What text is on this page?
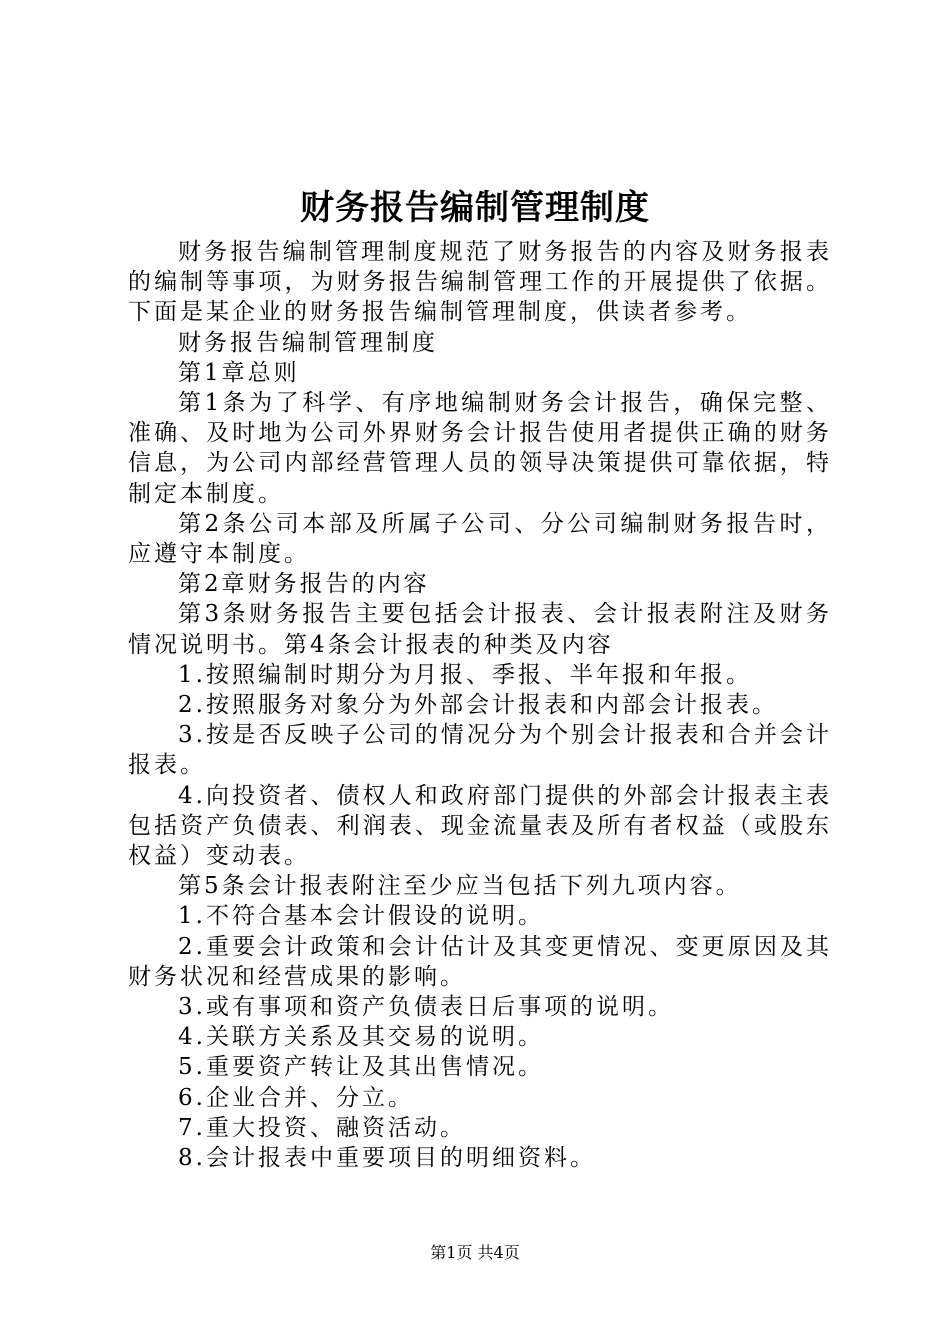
财务报告编制管理制度

财务报告编制管理制度规范了财务报告的内容及财务报表的编制等事项，为财务报告编制管理工作的开展提供了依据。下面是某企业的财务报告编制管理制度，供读者参考。

财务报告编制管理制度

第1章总则

第1条为了科学、有序地编制财务会计报告，确保完整、准确、及时地为公司外界财务会计报告使用者提供正确的财务信息，为公司内部经营管理人员的领导决策提供可靠依据，特制定本制度。

第2条公司本部及所属子公司、分公司编制财务报告时，应遵守本制度。

第2章财务报告的内容

第3条财务报告主要包括会计报表、会计报表附注及财务情况说明书。第4条会计报表的种类及内容

1.按照编制时期分为月报、季报、半年报和年报。

2.按照服务对象分为外部会计报表和内部会计报表。

3.按是否反映子公司的情况分为个别会计报表和合并会计报表。

4.向投资者、债权人和政府部门提供的外部会计报表主表包括资产负债表、利润表、现金流量表及所有者权益（或股东权益）变动表。

第5条会计报表附注至少应当包括下列九项内容。

1.不符合基本会计假设的说明。

2.重要会计政策和会计估计及其变更情况、变更原因及其财务状况和经营成果的影响。

3.或有事项和资产负债表日后事项的说明。

4.关联方关系及其交易的说明。

5.重要资产转让及其出售情况。

6.企业合并、分立。

7.重大投资、融资活动。

8.会计报表中重要项目的明细资料。

第1页 共4页
